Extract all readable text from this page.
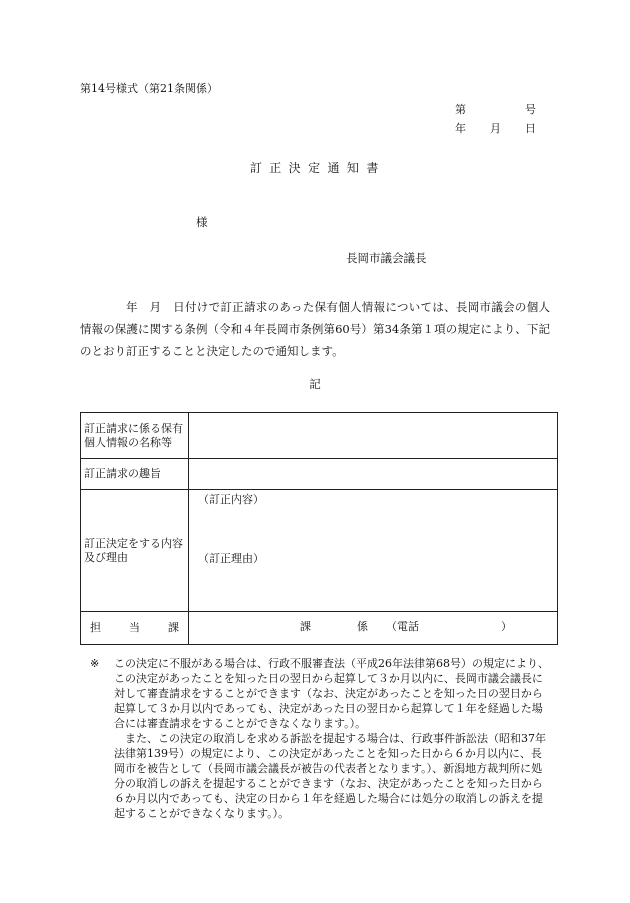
第14号様式（第21条関係）
第	号
年 月 日
訂 正 決 定 通 知 書
様
長岡市議会議長
年　月　日付けで訂正請求のあった保有個人情報については、長岡市議会の個人情報の保護に関する条例（令和４年長岡市条例第60号）第34条第１項の規定により、下記のとおり訂正することと決定したので通知します。
記
訂正請求に係る保有個人情報の名称等	

訂正請求の趣旨	

訂正決定をする内容及び理由	（訂正内容）
（訂正理由）

担 当 課	課 係 （電話 ）
※	この決定に不服がある場合は、行政不服審査法（平成26年法律第68号）の規定により、この決定があったことを知った日の翌日から起算して３か月以内に、長岡市議会議長に対して審査請求をすることができます（なお、決定があったことを知った日の翌日から起算して３か月以内であっても、決定があった日の翌日から起算して１年を経過した場合には審査請求をすることができなくなります。）。

また、この決定の取消しを求める訴訟を提起する場合は、行政事件訴訟法（昭和37年法律第139号）の規定により、この決定があったことを知った日から６か月以内に、長岡市を被告として（長岡市議会議長が被告の代表者となります。）、新潟地方裁判所に処分の取消しの訴えを提起することができます（なお、決定があったことを知った日から６か月以内であっても、決定の日から１年を経過した場合には処分の取消しの訴えを提起することができなくなります。）。
